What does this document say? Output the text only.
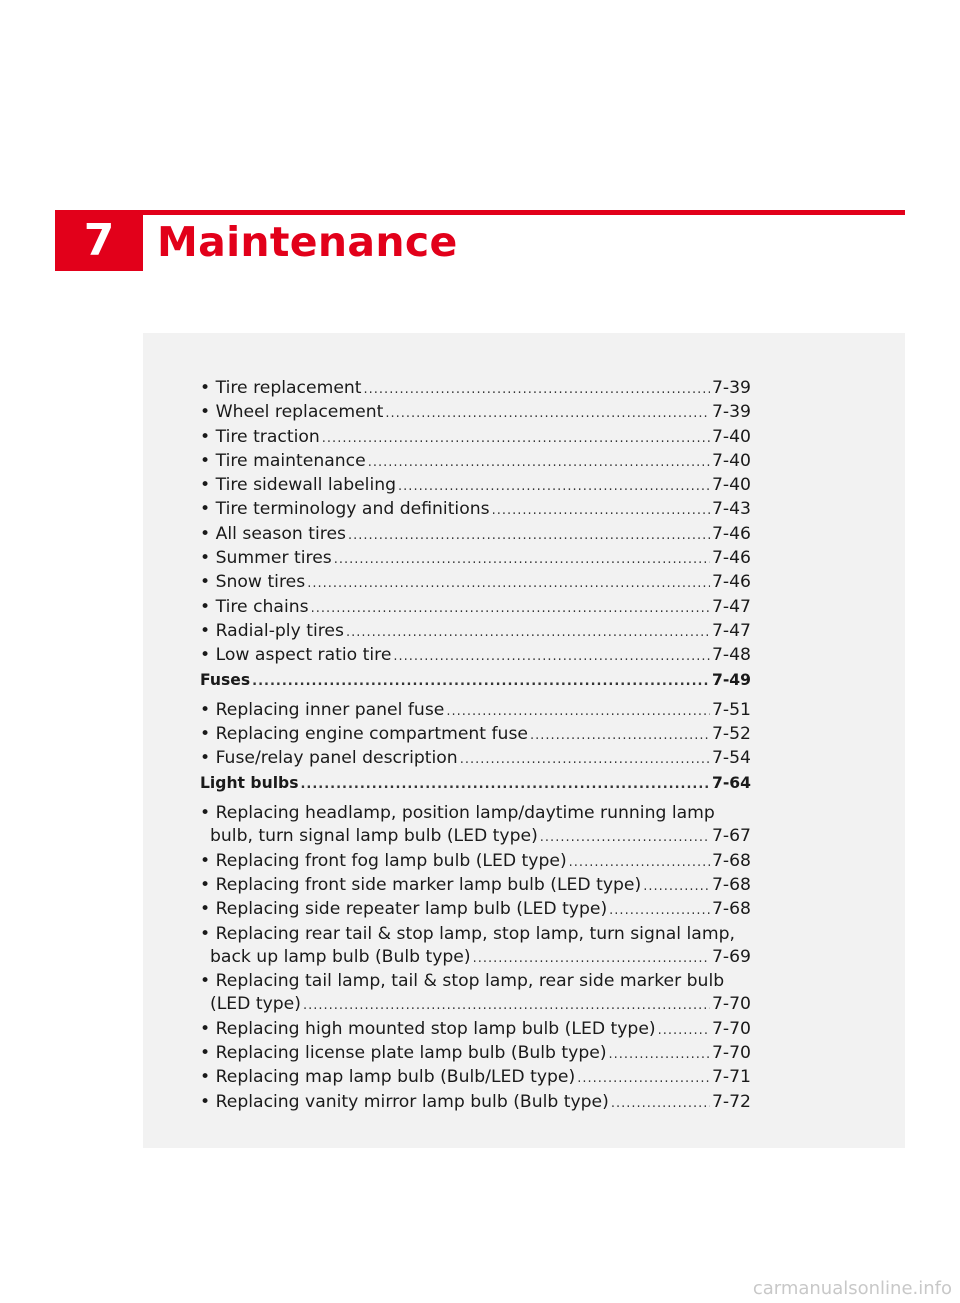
7 Maintenance
• Tire replacement .....	7-39
• Wheel replacement .....	7-39
• Tire traction .....	7-40
• Tire maintenance .....	7-40
• Tire sidewall labeling .....	7-40
• Tire terminology and definitions .....	7-43
• All season tires .....	7-46
• Summer tires .....	7-46
• Snow tires .....	7-46
• Tire chains .....	7-47
• Radial-ply tires .....	7-47
• Low aspect ratio tire .....	7-48
Fuses .....	7-49
• Replacing inner panel fuse .....	7-51
• Replacing engine compartment fuse .....	7-52
• Fuse/relay panel description .....	7-54
Light bulbs .....	7-64
• Replacing headlamp, position lamp/daytime running lamp
bulb, turn signal lamp bulb (LED type) .....	7-67
• Replacing front fog lamp bulb (LED type) .....	7-68
• Replacing front side marker lamp bulb (LED type) .....	7-68
• Replacing side repeater lamp bulb (LED type) .....	7-68
• Replacing rear tail & stop lamp, stop lamp, turn signal lamp,
back up lamp bulb (Bulb type) .....	7-69
• Replacing tail lamp, tail & stop lamp, rear side marker bulb
(LED type) .....	7-70
• Replacing high mounted stop lamp bulb (LED type) .....	7-70
• Replacing license plate lamp bulb (Bulb type) .....	7-70
• Replacing map lamp bulb (Bulb/LED type) .....	7-71
• Replacing vanity mirror lamp bulb (Bulb type) .....	7-72
carmanualsonline.info
